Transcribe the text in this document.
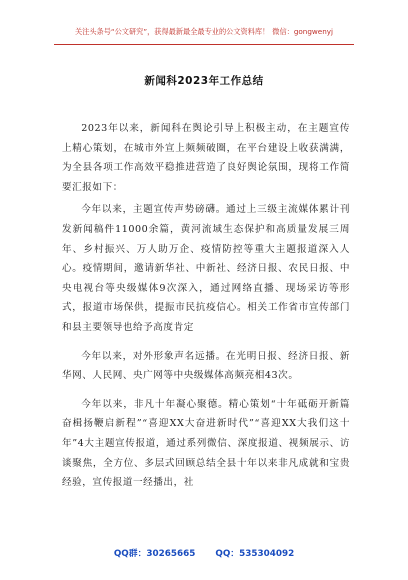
关注头条号“公文研究”，获得最新最全最专业的公文资料库！ 微信：gongwenyj
新闻科2023年工作总结

2023年以来，新闻科在舆论引导上积极主动，在主题宣传上精心策划，在城市外宣上频频破圈，在平台建设上收获满满，为全县各项工作高效平稳推进营造了良好舆论氛围，现将工作简要汇报如下：

今年以来，主题宣传声势磅礴。通过上三级主流媒体累计刊发新闻稿件11000余篇，黄河流域生态保护和高质量发展三周年、乡村振兴、万人助万企、疫情防控等重大主题报道深入人心。疫情期间，邀请新华社、中新社、经济日报、农民日报、中央电视台等央级媒体9次深入，通过网络直播、现场采访等形式，报道市场保供，提振市民抗疫信心。相关工作省市宣传部门和县主要领导也给予高度肯定

今年以来，对外形象声名远播。在光明日报、经济日报、新华网、人民网、央广网等中央级媒体高频亮相43次。

今年以来，非凡十年凝心聚德。精心策划“十年砥砺开新篇奋楫扬鞭启新程”“喜迎XX大奋进新时代”“喜迎XX大我们这十年”4大主题宣传报道，通过系列微信、深度报道、视频展示、访谈聚焦，全方位、多层式回顾总结全县十年以来非凡成就和宝贵经验，宣传报道一经播出，社

QQ群：30265665 QQ：535304092
